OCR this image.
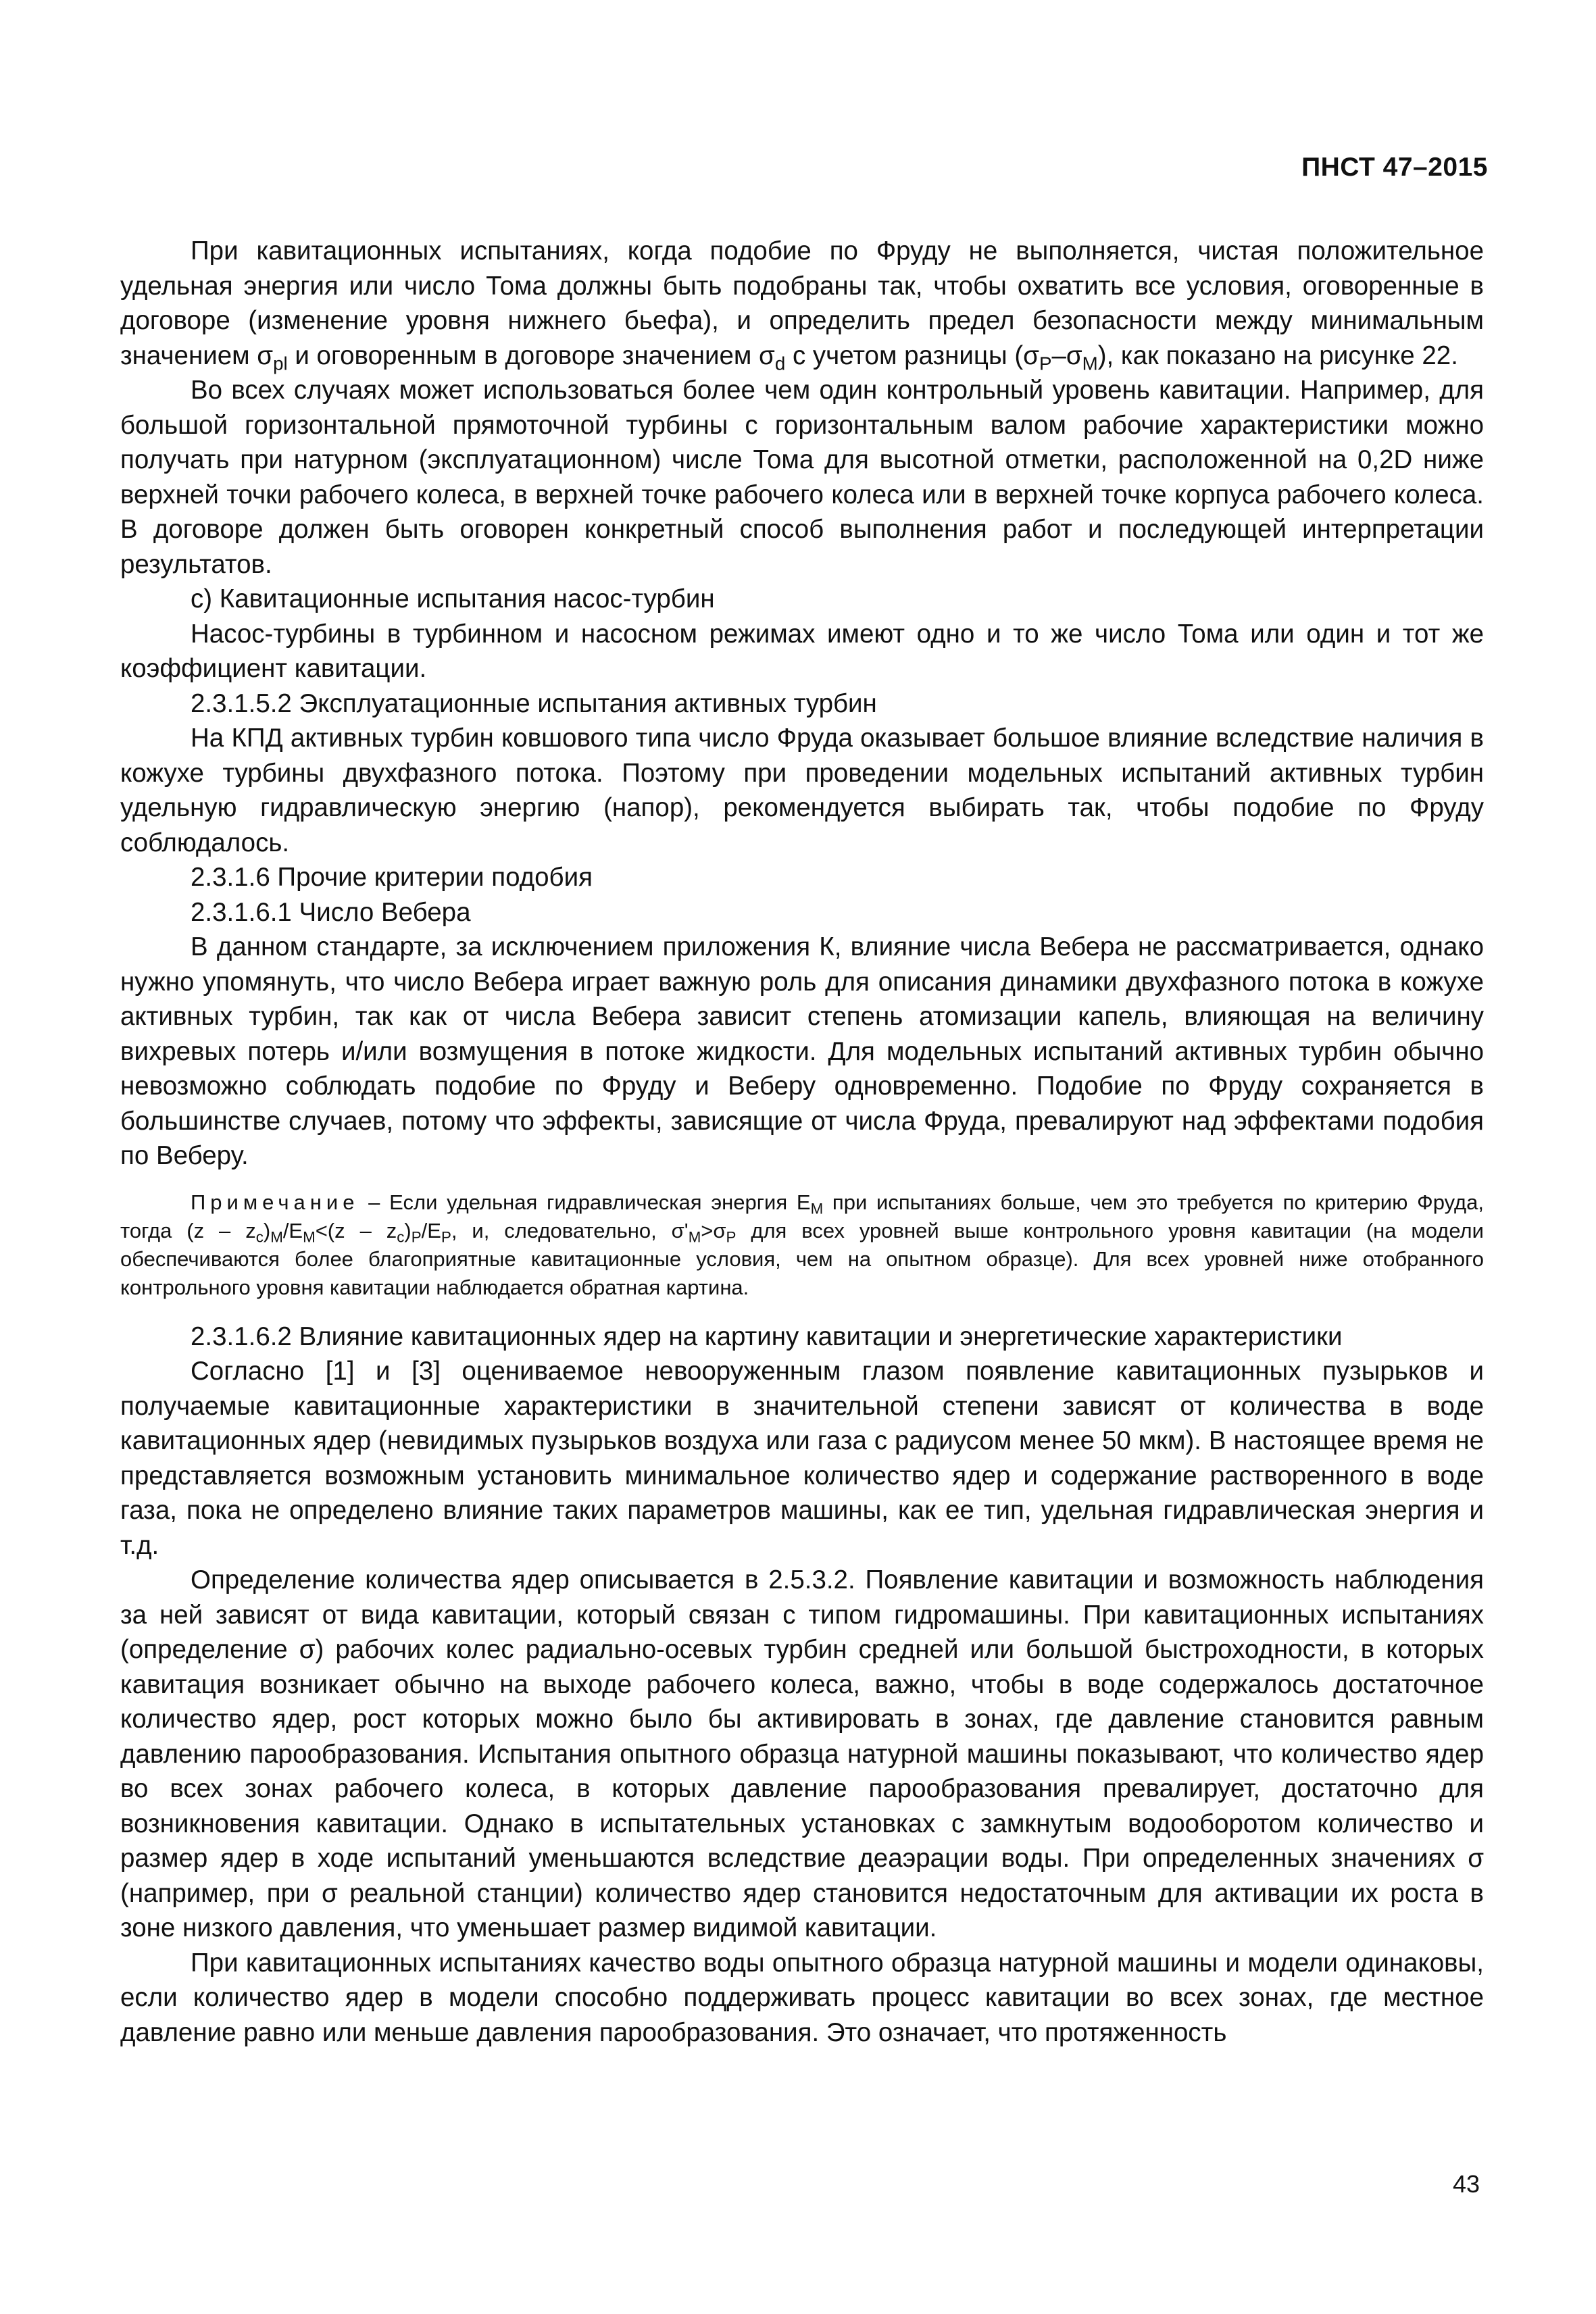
ПНСТ 47–2015

При кавитационных испытаниях, когда подобие по Фруду не выполняется, чистая положительное удельная энергия или число Тома должны быть подобраны так, чтобы охватить все условия, оговоренные в договоре (изменение уровня нижнего бьефа), и определить предел безопасности между минимальным значением $\sigma_{pl}$ и оговоренным в договоре значением $\sigma_d$ с учетом разницы $(\sigma_P-\sigma_M)$, как показано на рисунке 22.

Во всех случаях может использоваться более чем один контрольный уровень кавитации. Например, для большой горизонтальной прямоточной турбины с горизонтальным валом рабочие характеристики можно получать при натурном (эксплуатационном) числе Тома для высотной отметки, расположенной на 0,2D ниже верхней точки рабочего колеса, в верхней точке рабочего колеса или в верхней точке корпуса рабочего колеса. В договоре должен быть оговорен конкретный способ выполнения работ и последующей интерпретации результатов.

с) Кавитационные испытания насос-турбин

Насос-турбины в турбинном и насосном режимах имеют одно и то же число Тома или один и тот же коэффициент кавитации.

2.3.1.5.2 Эксплуатационные испытания активных турбин

На КПД активных турбин ковшового типа число Фруда оказывает большое влияние вследствие наличия в кожухе турбины двухфазного потока. Поэтому при проведении модельных испытаний активных турбин удельную гидравлическую энергию (напор), рекомендуется выбирать так, чтобы подобие по Фруду соблюдалось.

2.3.1.6 Прочие критерии подобия

2.3.1.6.1 Число Вебера

В данном стандарте, за исключением приложения К, влияние числа Вебера не рассматривается, однако нужно упомянуть, что число Вебера играет важную роль для описания динамики двухфазного потока в кожухе активных турбин, так как от числа Вебера зависит степень атомизации капель, влияющая на величину вихревых потерь и/или возмущения в потоке жидкости. Для модельных испытаний активных турбин обычно невозможно соблюдать подобие по Фруду и Веберу одновременно. Подобие по Фруду сохраняется в большинстве случаев, потому что эффекты, зависящие от числа Фруда, превалируют над эффектами подобия по Веберу.

Примечание – Если удельная гидравлическая энергия $E_M$ при испытаниях больше, чем это требуется по критерию Фруда, тогда $(z - z_c)_M/E_M<(z - z_c)_P/E_P$, и, следовательно, $\sigma'_M>\sigma_P$ для всех уровней выше контрольного уровня кавитации (на модели обеспечиваются более благоприятные кавитационные условия, чем на опытном образце). Для всех уровней ниже отобранного контрольного уровня кавитации наблюдается обратная картина.

2.3.1.6.2 Влияние кавитационных ядер на картину кавитации и энергетические характеристики

Согласно [1] и [3] оцениваемое невооруженным глазом появление кавитационных пузырьков и получаемые кавитационные характеристики в значительной степени зависят от количества в воде кавитационных ядер (невидимых пузырьков воздуха или газа с радиусом менее 50 мкм). В настоящее время не представляется возможным установить минимальное количество ядер и содержание растворенного в воде газа, пока не определено влияние таких параметров машины, как ее тип, удельная гидравлическая энергия и т.д.

Определение количества ядер описывается в 2.5.3.2. Появление кавитации и возможность наблюдения за ней зависят от вида кавитации, который связан с типом гидромашины. При кавитационных испытаниях (определение σ) рабочих колес радиально-осевых турбин средней или большой быстроходности, в которых кавитация возникает обычно на выходе рабочего колеса, важно, чтобы в воде содержалось достаточное количество ядер, рост которых можно было бы активировать в зонах, где давление становится равным давлению парообразования. Испытания опытного образца натурной машины показывают, что количество ядер во всех зонах рабочего колеса, в которых давление парообразования превалирует, достаточно для возникновения кавитации. Однако в испытательных установках с замкнутым водооборотом количество и размер ядер в ходе испытаний уменьшаются вследствие деаэрации воды. При определенных значениях σ (например, при σ реальной станции) количество ядер становится недостаточным для активации их роста в зоне низкого давления, что уменьшает размер видимой кавитации.

При кавитационных испытаниях качество воды опытного образца натурной машины и модели одинаковы, если количество ядер в модели способно поддерживать процесс кавитации во всех зонах, где местное давление равно или меньше давления парообразования. Это означает, что протяженность

43
